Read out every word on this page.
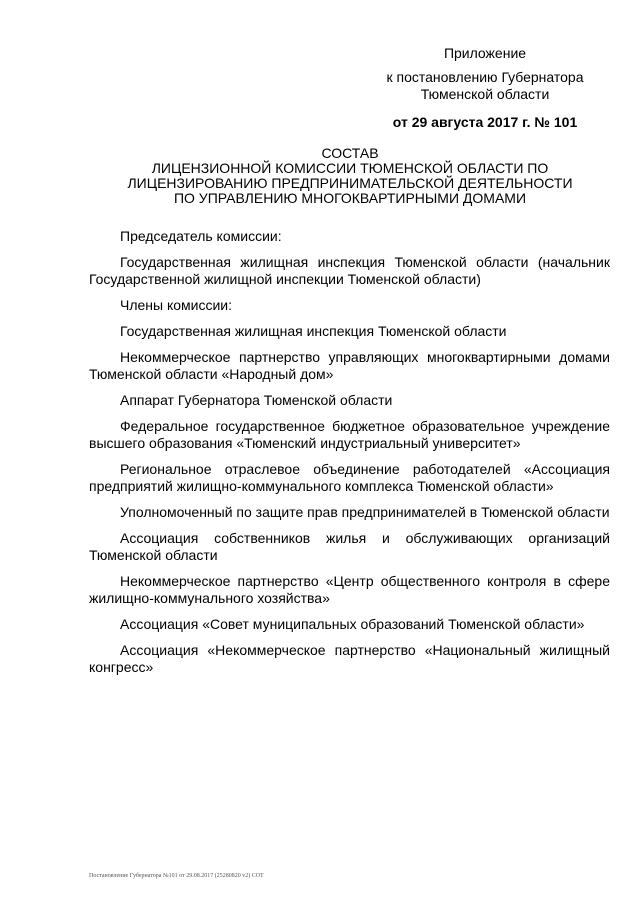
Приложение
к постановлению Губернатора
Тюменской области
от 29 августа 2017 г. № 101
СОСТАВ
ЛИЦЕНЗИОННОЙ КОМИССИИ ТЮМЕНСКОЙ ОБЛАСТИ ПО
ЛИЦЕНЗИРОВАНИЮ ПРЕДПРИНИМАТЕЛЬСКОЙ ДЕЯТЕЛЬНОСТИ
ПО УПРАВЛЕНИЮ МНОГОКВАРТИРНЫМИ ДОМАМИ

Председатель комиссии:

Государственная жилищная инспекция Тюменской области (начальник Государственной жилищной инспекции Тюменской области)

Члены комиссии:

Государственная жилищная инспекция Тюменской области

Некоммерческое партнерство управляющих многоквартирными домами Тюменской области «Народный дом»

Аппарат Губернатора Тюменской области

Федеральное государственное бюджетное образовательное учреждение высшего образования «Тюменский индустриальный университет»

Региональное отраслевое объединение работодателей «Ассоциация предприятий жилищно-коммунального комплекса Тюменской области»

Уполномоченный по защите прав предпринимателей в Тюменской области

Ассоциация собственников жилья и обслуживающих организаций Тюменской области

Некоммерческое партнерство «Центр общественного контроля в сфере жилищно-коммунального хозяйства»

Ассоциация «Совет муниципальных образований Тюменской области»

Ассоциация «Некоммерческое партнерство «Национальный жилищный конгресс»

Постановление Губернатора №101 от 29.08.2017 (25280820 v2) СОТ
